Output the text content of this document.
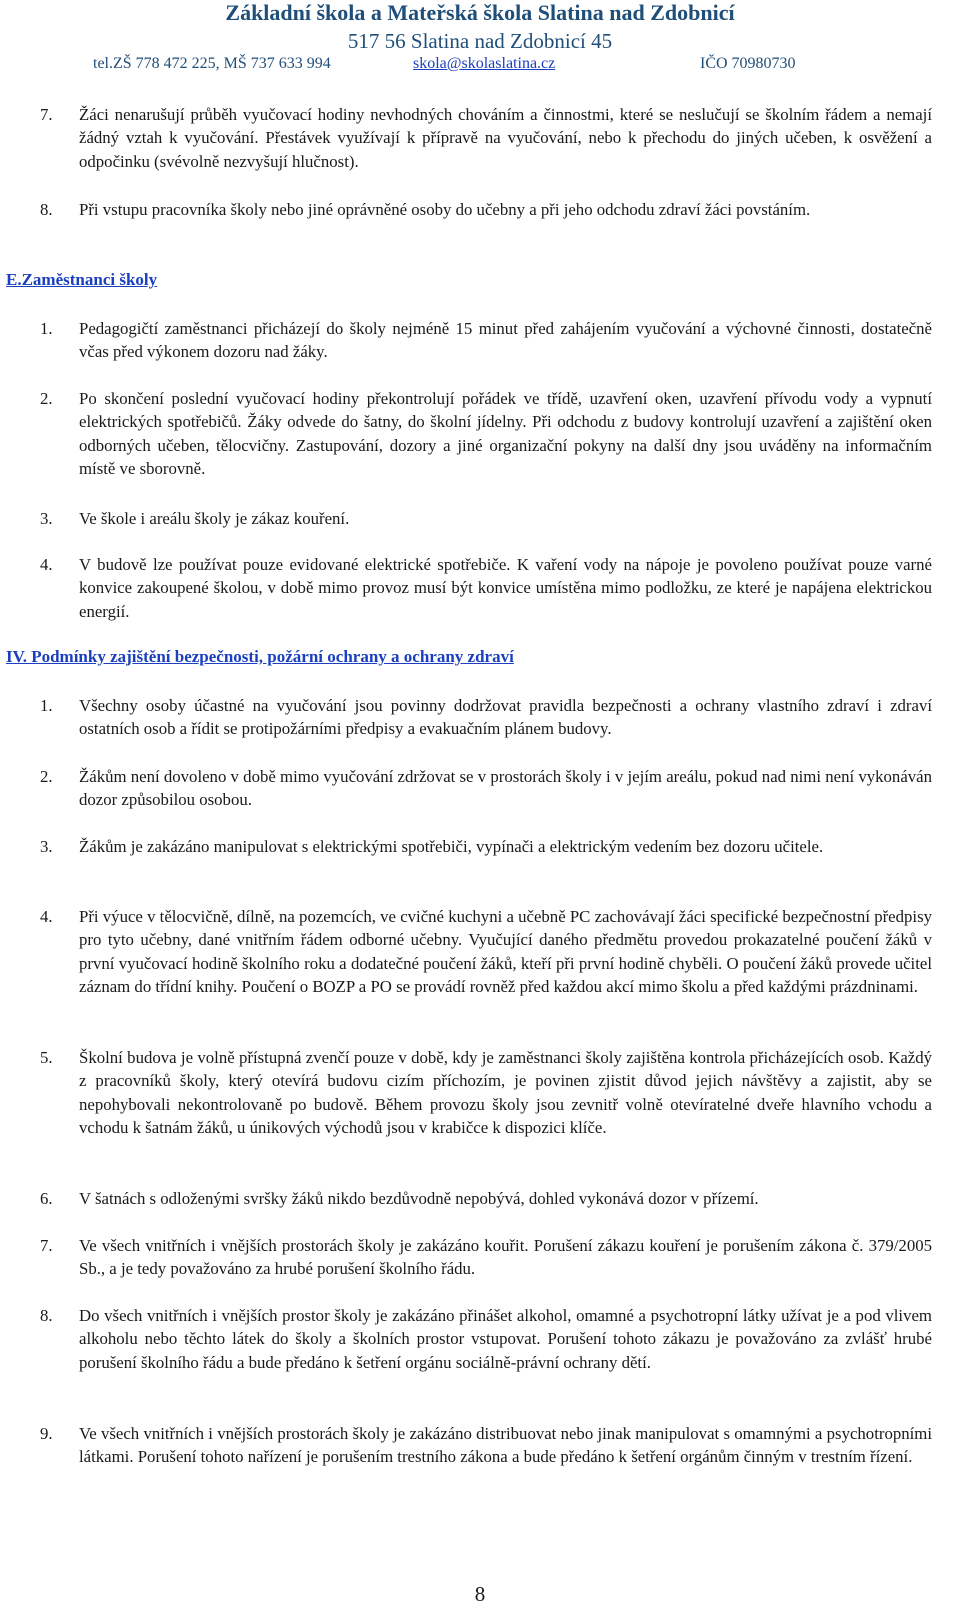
Základní škola a Mateřská škola Slatina nad Zdobnicí
517 56 Slatina nad Zdobnicí 45
tel.ZŠ 778 472 225, MŠ 737 633 994	skola@skolaslatina.cz	IČO 70980730
7. Žáci nenarušují průběh vyučovací hodiny nevhodných chováním a činnostmi, které se neslučují se školním řádem a nemají žádný vztah k vyučování. Přestávek využívají k přípravě na vyučování, nebo k přechodu do jiných učeben, k osvěžení a odpočinku (svévolně nezvyšují hlučnost).
8. Při vstupu pracovníka školy nebo jiné oprávněné osoby do učebny a při jeho odchodu zdraví žáci povstáním.
E.Zaměstnanci školy
1. Pedagogičtí zaměstnanci přicházejí do školy nejméně 15 minut před zahájením vyučování a výchovné činnosti, dostatečně včas před výkonem dozoru nad žáky.
2. Po skončení poslední vyučovací hodiny překontrolují pořádek ve třídě, uzavření oken, uzavření přívodu vody a vypnutí elektrických spotřebičů. Žáky odvede do šatny, do školní jídelny. Při odchodu z budovy kontrolují uzavření a zajištění oken odborných učeben, tělocvičny. Zastupování, dozory a jiné organizační pokyny na další dny jsou uváděny na informačním místě ve sborovně.
3. Ve škole i areálu školy je zákaz kouření.
4. V budově lze používat pouze evidované elektrické spotřebiče. K vaření vody na nápoje je povoleno používat pouze varné konvice zakoupené školou, v době mimo provoz musí být konvice umístěna mimo podložku, ze které je napájena elektrickou energií.
IV. Podmínky zajištění bezpečnosti, požární ochrany a ochrany zdraví
1. Všechny osoby účastné na vyučování jsou povinny dodržovat pravidla bezpečnosti a ochrany vlastního zdraví i zdraví ostatních osob a řídit se protipožárními předpisy a evakuačním plánem budovy.
2. Žákům není dovoleno v době mimo vyučování zdržovat se v prostorách školy i v jejím areálu, pokud nad nimi není vykonáván dozor způsobilou osobou.
3. Žákům je zakázáno manipulovat s elektrickými spotřebiči, vypínači a elektrickým vedením bez dozoru učitele.
4. Při výuce v tělocvičně, dílně, na pozemcích, ve cvičné kuchyni a učebně PC zachovávají žáci specifické bezpečnostní předpisy pro tyto učebny, dané vnitřním řádem odborné učebny. Vyučující daného předmětu provedou prokazatelné poučení žáků v první vyučovací hodině školního roku a dodatečné poučení žáků, kteří při první hodině chyběli. O poučení žáků provede učitel záznam do třídní knihy. Poučení o BOZP a PO se provádí rovněž před každou akcí mimo školu a před každými prázdninami.
5. Školní budova je volně přístupná zvenčí pouze v době, kdy je zaměstnanci školy zajištěna kontrola přicházejících osob. Každý z pracovníků školy, který otevírá budovu cizím příchozím, je povinen zjistit důvod jejich návštěvy a zajistit, aby se nepohybovali nekontrolovaně po budově. Během provozu školy jsou zevnitř volně otevíratelné dveře hlavního vchodu a vchodu k šatnám žáků, u únikových východů jsou v krabičce k dispozici klíče.
6. V šatnách s odloženými svršky žáků nikdo bezdůvodně nepobývá, dohled vykonává dozor v přízemí.
7. Ve všech vnitřních i vnějších prostorách školy je zakázáno kouřit. Porušení zákazu kouření je porušením zákona č. 379/2005 Sb., a je tedy považováno za hrubé porušení školního řádu.
8. Do všech vnitřních i vnějších prostor školy je zakázáno přinášet alkohol, omamné a psychotropní látky užívat je a pod vlivem alkoholu nebo těchto látek do školy a školních prostor vstupovat. Porušení tohoto zákazu je považováno za zvlášť hrubé porušení školního řádu a bude předáno k šetření orgánu sociálně-právní ochrany dětí.
9. Ve všech vnitřních i vnějších prostorách školy je zakázáno distribuovat nebo jinak manipulovat s omamnými a psychotropními látkami. Porušení tohoto nařízení je porušením trestního zákona a bude předáno k šetření orgánům činným v trestním řízení.
8
